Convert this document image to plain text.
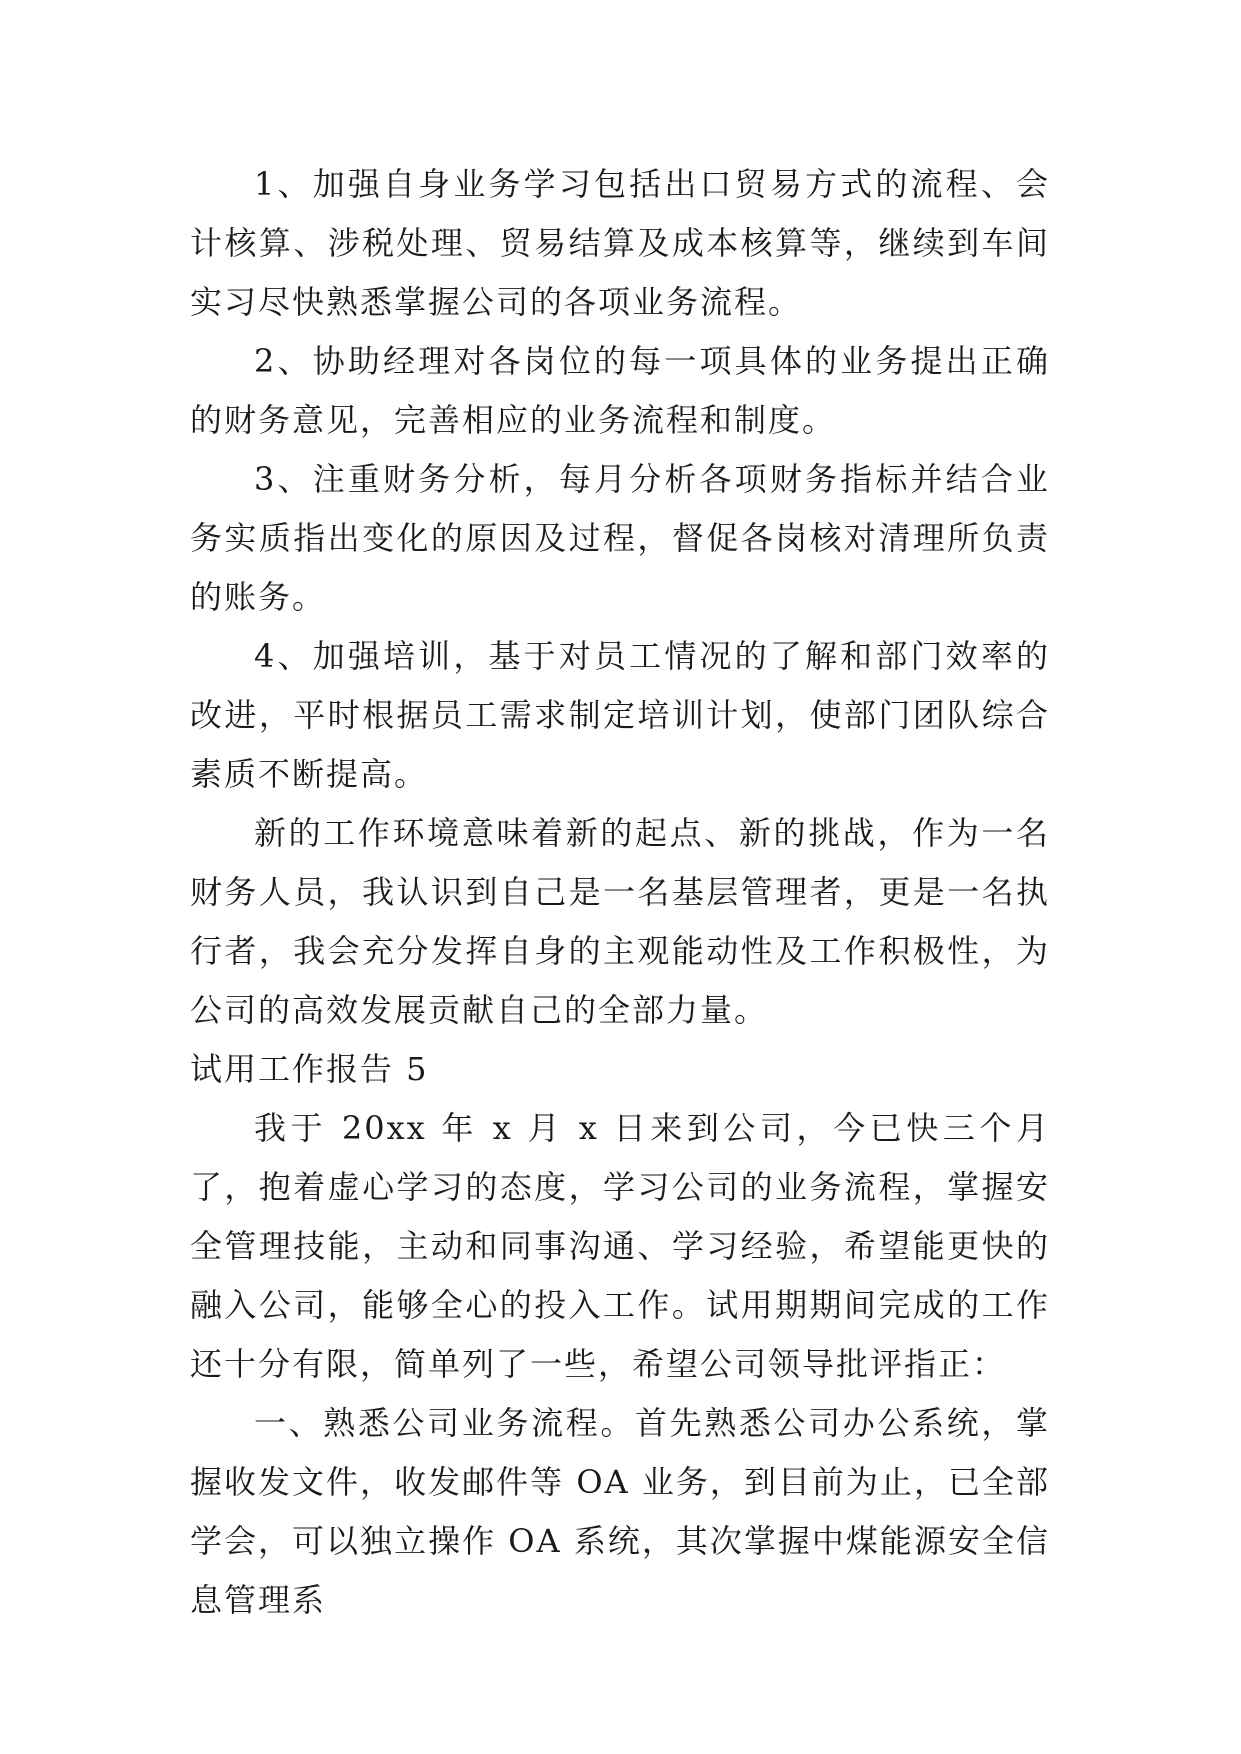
1、加强自身业务学习包括出口贸易方式的流程、会计核算、涉税处理、贸易结算及成本核算等，继续到车间实习尽快熟悉掌握公司的各项业务流程。

2、协助经理对各岗位的每一项具体的业务提出正确的财务意见，完善相应的业务流程和制度。

3、注重财务分析，每月分析各项财务指标并结合业务实质指出变化的原因及过程，督促各岗核对清理所负责的账务。

4、加强培训，基于对员工情况的了解和部门效率的改进，平时根据员工需求制定培训计划，使部门团队综合素质不断提高。

新的工作环境意味着新的起点、新的挑战，作为一名财务人员，我认识到自己是一名基层管理者，更是一名执行者，我会充分发挥自身的主观能动性及工作积极性，为公司的高效发展贡献自己的全部力量。

试用工作报告 5

我于 20xx 年 x 月 x 日来到公司，今已快三个月了，抱着虚心学习的态度，学习公司的业务流程，掌握安全管理技能，主动和同事沟通、学习经验，希望能更快的融入公司，能够全心的投入工作。试用期期间完成的工作还十分有限，简单列了一些，希望公司领导批评指正：

一、熟悉公司业务流程。首先熟悉公司办公系统，掌握收发文件，收发邮件等 OA 业务，到目前为止，已全部学会，可以独立操作 OA 系统，其次掌握中煤能源安全信息管理系
